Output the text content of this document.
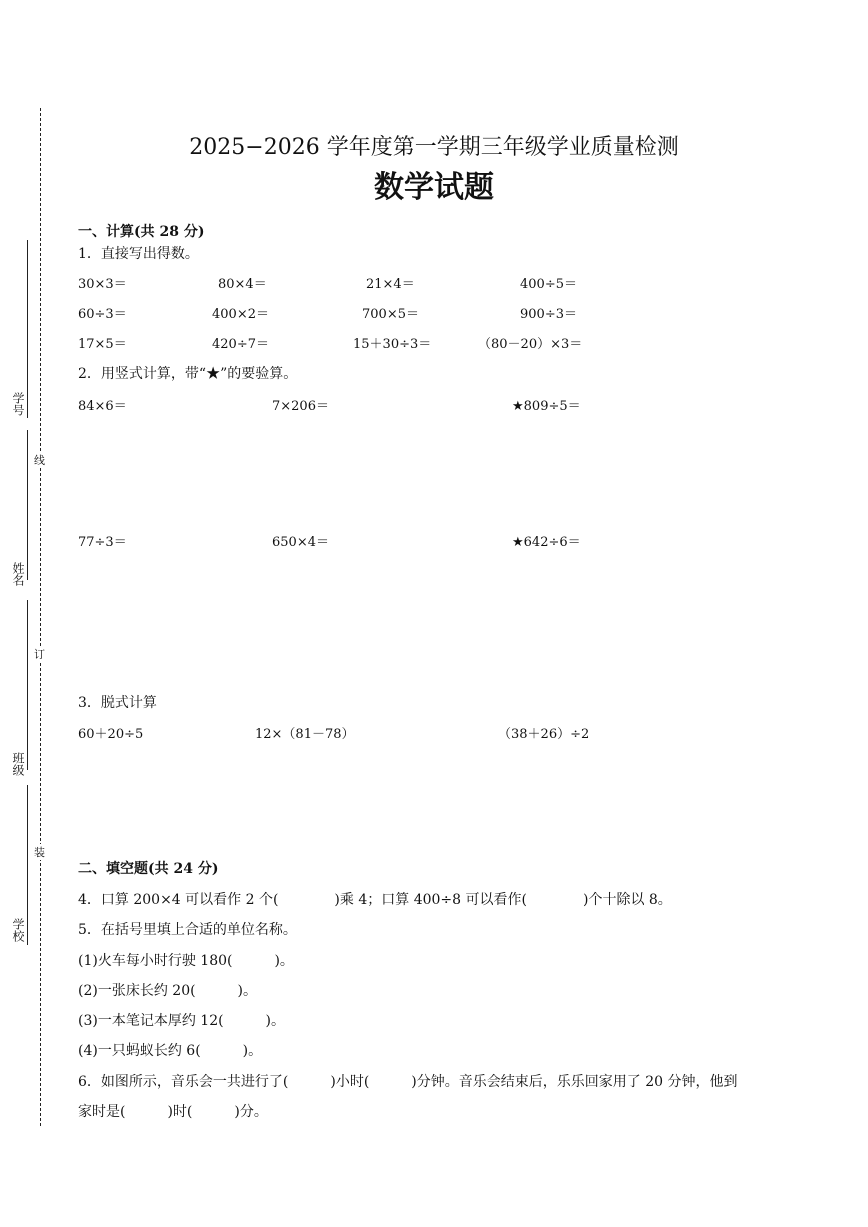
学号
姓名
班级
学校
线
订
装
2025−2026 学年度第一学期三年级学业质量检测
数学试题
一、计算(共 28 分)
1．直接写出得数。
30×3＝	80×4＝	21×4＝	400÷5＝
60÷3＝	400×2＝	700×5＝	900÷3＝
17×5＝	420÷7＝	15＋30÷3＝	（80－20）×3＝
2．用竖式计算，带“★”的要验算。
84×6＝	7×206＝	★809÷5＝
77÷3＝	650×4＝	★642÷6＝
3．脱式计算
60＋20÷5	12×（81－78）	（38＋26）÷2
二、填空题(共 24 分)
4．口算 200×4 可以看作 2 个(　　　　)乘 4；口算 400÷8 可以看作(　　　　)个十除以 8。
5．在括号里填上合适的单位名称。
(1)火车每小时行驶 180(　　　)。
(2)一张床长约 20(　　　)。
(3)一本笔记本厚约 12(　　　)。
(4)一只蚂蚁长约 6(　　　)。
6．如图所示，音乐会一共进行了(　　　)小时(　　　)分钟。音乐会结束后，乐乐回家用了 20 分钟，他到
家时是(　　　)时(　　　)分。
